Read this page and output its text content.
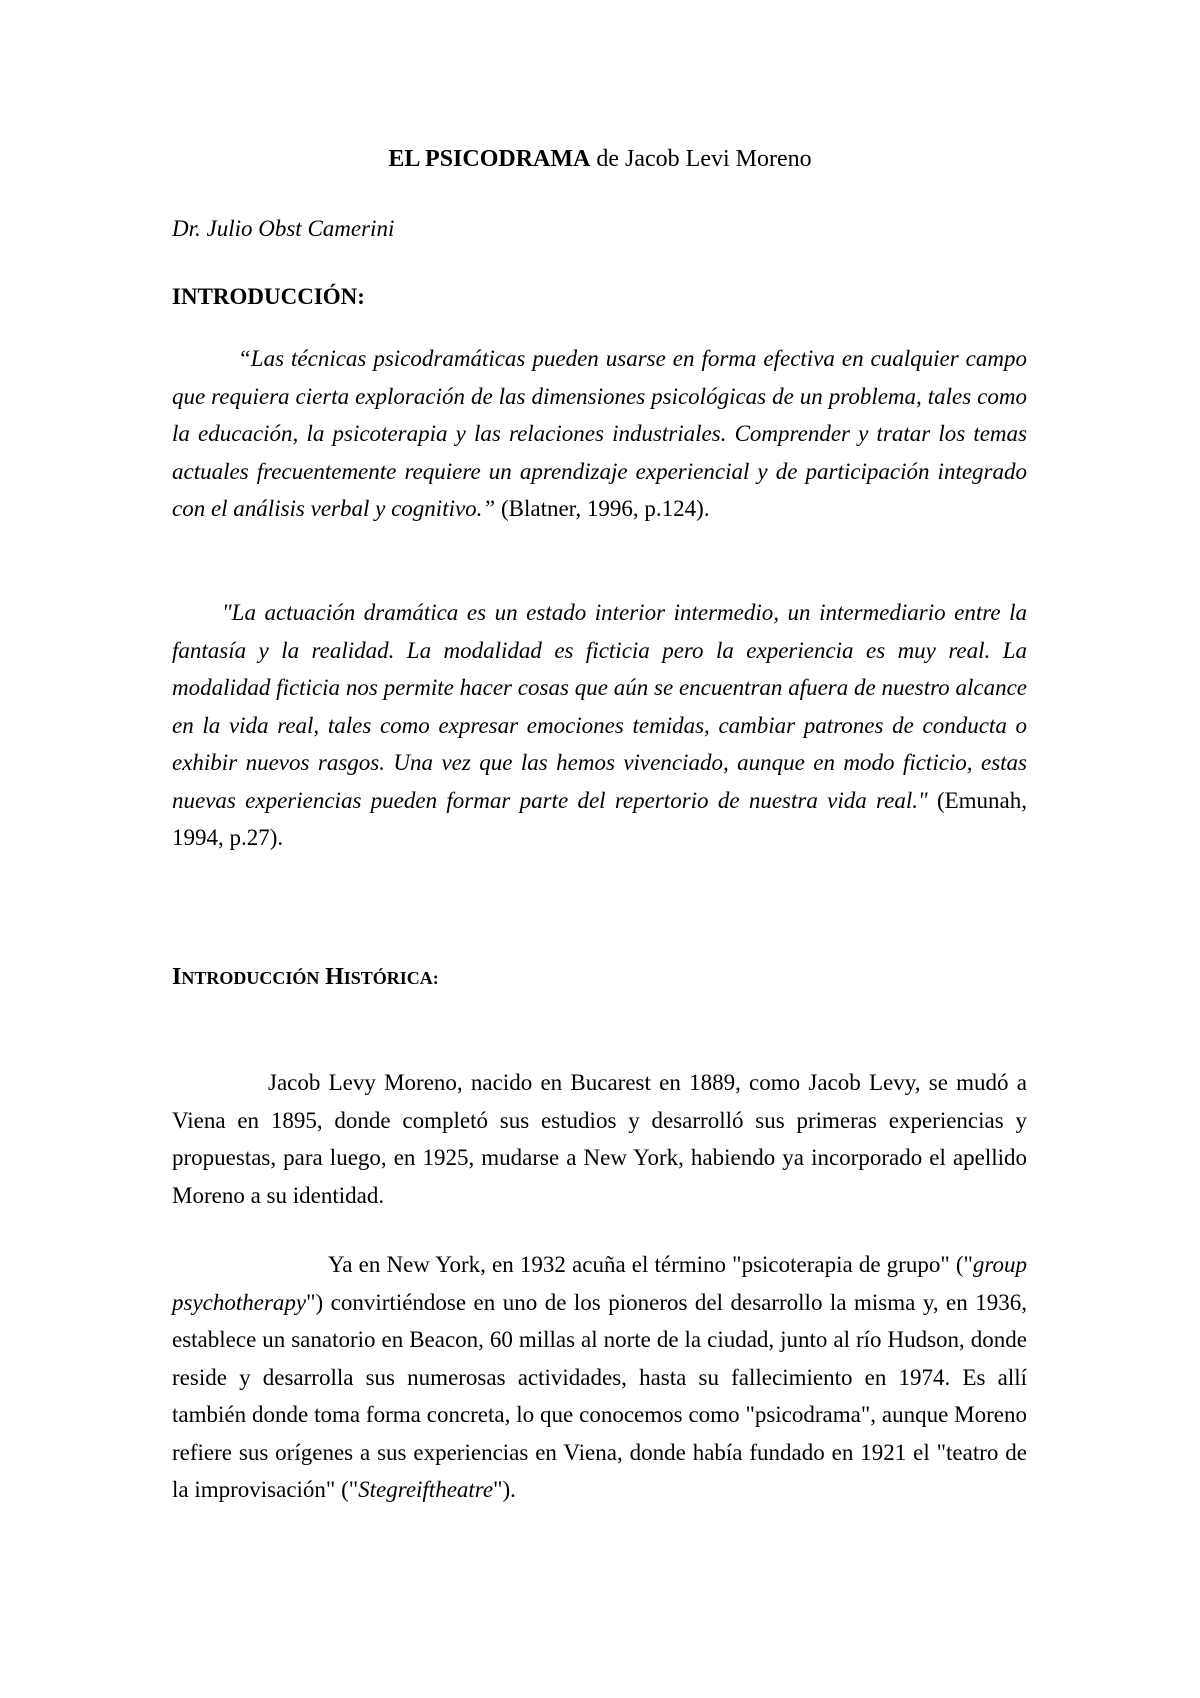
EL PSICODRAMA de Jacob Levi Moreno
Dr. Julio Obst Camerini
INTRODUCCIÓN:
“Las técnicas psicodramáticas pueden usarse en forma efectiva en cualquier campo que requiera cierta exploración de las dimensiones psicológicas de un problema, tales como la educación, la psicoterapia y las relaciones industriales. Comprender y tratar los temas actuales frecuentemente requiere un aprendizaje experiencial y de participación integrado con el análisis verbal y cognitivo.” (Blatner, 1996, p.124).
"La actuación dramática es un estado interior intermedio, un intermediario entre la fantasía y la realidad. La modalidad es ficticia pero la experiencia es muy real. La modalidad ficticia nos permite hacer cosas que aún se encuentran afuera de nuestro alcance en la vida real, tales como expresar emociones temidas, cambiar patrones de conducta o exhibir nuevos rasgos. Una vez que las hemos vivenciado, aunque en modo ficticio, estas nuevas experiencias pueden formar parte del repertorio de nuestra vida real." (Emunah, 1994, p.27).
INTRODUCCIÓN HISTÓRICA:
Jacob Levy Moreno, nacido en Bucarest en 1889, como Jacob Levy, se mudó a Viena en 1895, donde completó sus estudios y desarrolló sus primeras experiencias y propuestas, para luego, en 1925, mudarse a New York, habiendo ya incorporado el apellido Moreno a su identidad.
Ya en New York, en 1932 acuña el término "psicoterapia de grupo" ("group psychotherapy") convirtiéndose en uno de los pioneros del desarrollo la misma y, en 1936, establece un sanatorio en Beacon, 60 millas al norte de la ciudad, junto al río Hudson, donde reside y desarrolla sus numerosas actividades, hasta su fallecimiento en 1974. Es allí también donde toma forma concreta, lo que conocemos como "psicodrama", aunque Moreno refiere sus orígenes a sus experiencias en Viena, donde había fundado en 1921 el "teatro de la improvisación" ("Stegreiftheatre").
